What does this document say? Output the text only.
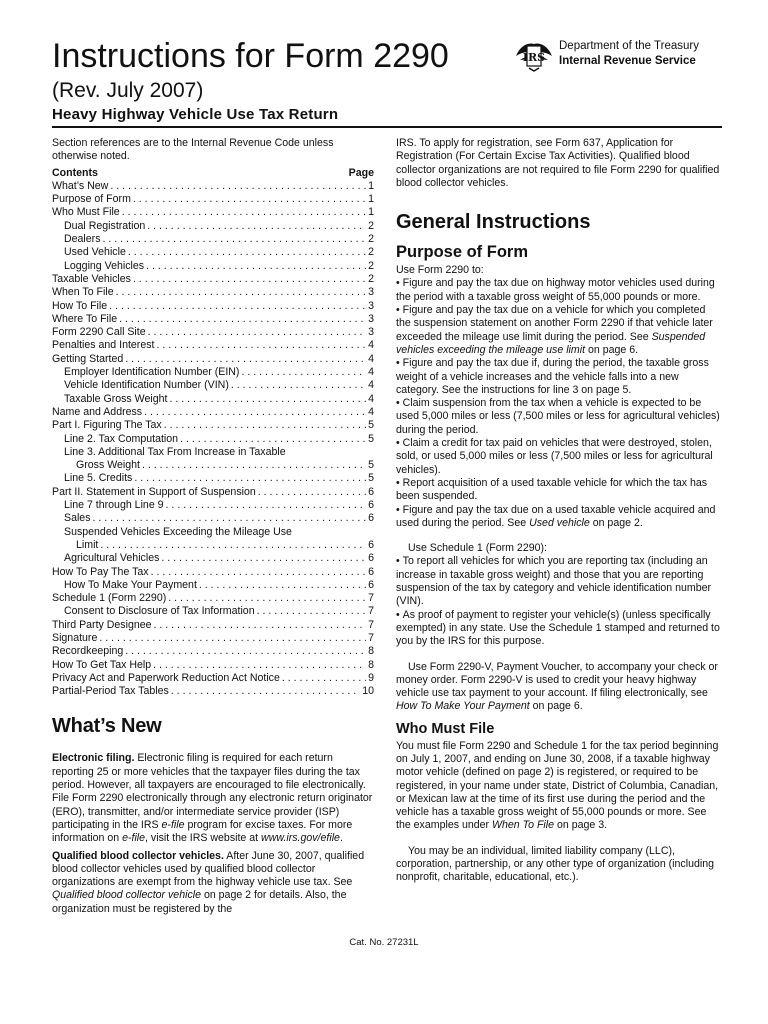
Instructions for Form 2290
(Rev. July 2007)
Heavy Highway Vehicle Use Tax Return
IRS
Department of the Treasury
Internal Revenue Service

Section references are to the Internal Revenue Code unless otherwise noted.

Contents	Page
What’s New . . .	1
Purpose of Form . . .	1
Who Must File . . .	1
Dual Registration . . .	2
Dealers . . .	2
Used Vehicle . . .	2
Logging Vehicles . . .	2
Taxable Vehicles . . .	2
When To File . . .	3
How To File . . .	3
Where To File . . .	3
Form 2290 Call Site . . .	3
Penalties and Interest . . .	4
Getting Started . . .	4
Employer Identification Number (EIN) . . .	4
Vehicle Identification Number (VIN) . . .	4
Taxable Gross Weight . . .	4
Name and Address . . .	4
Part I. Figuring The Tax . . .	5
Line 2. Tax Computation . . .	5
Line 3. Additional Tax From Increase in Taxable
Gross Weight . . .	5
Line 5. Credits . . .	5
Part II. Statement in Support of Suspension . . .	6
Line 7 through Line 9 . . .	6
Sales . . .	6
Suspended Vehicles Exceeding the Mileage Use
Limit . . .	6
Agricultural Vehicles . . .	6
How To Pay The Tax . . .	6
How To Make Your Payment . . .	6
Schedule 1 (Form 2290) . . .	7
Consent to Disclosure of Tax Information . . .	7
Third Party Designee . . .	7
Signature . . .	7
Recordkeeping . . .	8
How To Get Tax Help . . .	8
Privacy Act and Paperwork Reduction Act Notice . . .	9
Partial-Period Tax Tables . . .	10
What’s New

Electronic filing. Electronic filing is required for each return reporting 25 or more vehicles that the taxpayer files during the tax period. However, all taxpayers are encouraged to file electronically. File Form 2290 electronically through any electronic return originator (ERO), transmitter, and/or intermediate service provider (ISP) participating in the IRS e-file program for excise taxes. For more information on e-file, visit the IRS website at www.irs.gov/efile.

Qualified blood collector vehicles. After June 30, 2007, qualified blood collector vehicles used by qualified blood collector organizations are exempt from the highway vehicle use tax. See Qualified blood collector vehicle on page 2 for details. Also, the organization must be registered by the

IRS. To apply for registration, see Form 637, Application for Registration (For Certain Excise Tax Activities). Qualified blood collector organizations are not required to file Form 2290 for qualified blood collector vehicles.

General Instructions
Purpose of Form

Use Form 2290 to:

• Figure and pay the tax due on highway motor vehicles used during the period with a taxable gross weight of 55,000 pounds or more.

• Figure and pay the tax due on a vehicle for which you completed the suspension statement on another Form 2290 if that vehicle later exceeded the mileage use limit during the period. See Suspended vehicles exceeding the mileage use limit on page 6.

• Figure and pay the tax due if, during the period, the taxable gross weight of a vehicle increases and the vehicle falls into a new category. See the instructions for line 3 on page 5.

• Claim suspension from the tax when a vehicle is expected to be used 5,000 miles or less (7,500 miles or less for agricultural vehicles) during the period.

• Claim a credit for tax paid on vehicles that were destroyed, stolen, sold, or used 5,000 miles or less (7,500 miles or less for agricultural vehicles).

• Report acquisition of a used taxable vehicle for which the tax has been suspended.

• Figure and pay the tax due on a used taxable vehicle acquired and used during the period. See Used vehicle on page 2.

Use Schedule 1 (Form 2290):

• To report all vehicles for which you are reporting tax (including an increase in taxable gross weight) and those that you are reporting suspension of the tax by category and vehicle identification number (VIN).

• As proof of payment to register your vehicle(s) (unless specifically exempted) in any state. Use the Schedule 1 stamped and returned to you by the IRS for this purpose.

Use Form 2290-V, Payment Voucher, to accompany your check or money order. Form 2290-V is used to credit your heavy highway vehicle use tax payment to your account. If filing electronically, see How To Make Your Payment on page 6.

Who Must File

You must file Form 2290 and Schedule 1 for the tax period beginning on July 1, 2007, and ending on June 30, 2008, if a taxable highway motor vehicle (defined on page 2) is registered, or required to be registered, in your name under state, District of Columbia, Canadian, or Mexican law at the time of its first use during the period and the vehicle has a taxable gross weight of 55,000 pounds or more. See the examples under When To File on page 3.

You may be an individual, limited liability company (LLC), corporation, partnership, or any other type of organization (including nonprofit, charitable, educational, etc.).

Cat. No. 27231L
